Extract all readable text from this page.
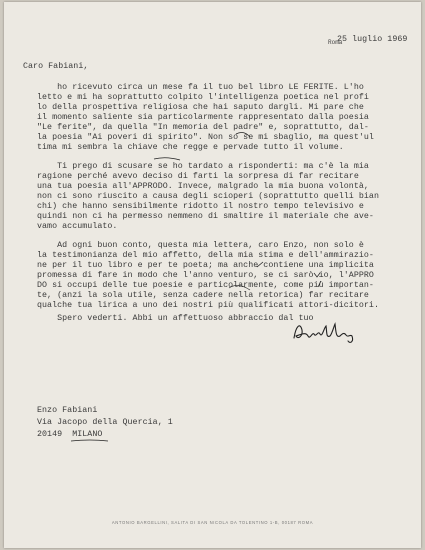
Roma
25 luglio 1969
Caro Fabiani,
ho ricevuto circa un mese fa il tuo bel libro LE FERITE. L'ho
letto e mi ha soprattutto colpito l'intelligenza poetica nel profi
lo della prospettiva religiosa che hai saputo dargli. Mi pare che
il momento saliente sia particolarmente rappresentato dalla poesia
"Le ferite", da quella "In memoria del padre" e, soprattutto, dal-
la poesia "Ai poveri di spirito". Non so se mi sbaglio, ma quest'ul
tima mi sembra la chiave che regge e pervade tutto il volume.
Ti prego di scusare se ho tardato a risponderti: ma c'è la mia
ragione perché avevo deciso di farti la sorpresa di far recitare
una tua poesia all'APPRODO. Invece, malgrado la mia buona volontà,
non ci sono riuscito a causa degli scioperi (soprattutto quelli bian
chi) che hanno sensibilmente ridotto il nostro tempo televisivo e
quindi non ci ha permesso nemmeno di smaltire il materiale che ave-
vamo accumulato.
Ad ogni buon conto, questa mia lettera, caro Enzo, non solo è
la testimonianza del mio affetto, della mia stima e dell'ammirazio-
ne per il tuo libro e per te poeta; ma anche contiene una implicita
promessa di fare in modo che l'anno venturo, se ci sarò io, l'APPRO
DO si occupi delle tue poesie e particolarmente, come più importan-
te, (anzi la sola utile, senza cadere nella retorica) far recitare
qualche tua lirica a uno dei nostri più qualificati attori-dicitori.
Spero vederti. Abbi un affettuoso abbraccio dal tuo
Enzo Fabiani
Via Jacopo della Quercia, 1
20149  MILANO
ANTONIO BARGELLINI, SALITA DI SAN NICOLA DA TOLENTINO 1-B, 00187 ROMA
